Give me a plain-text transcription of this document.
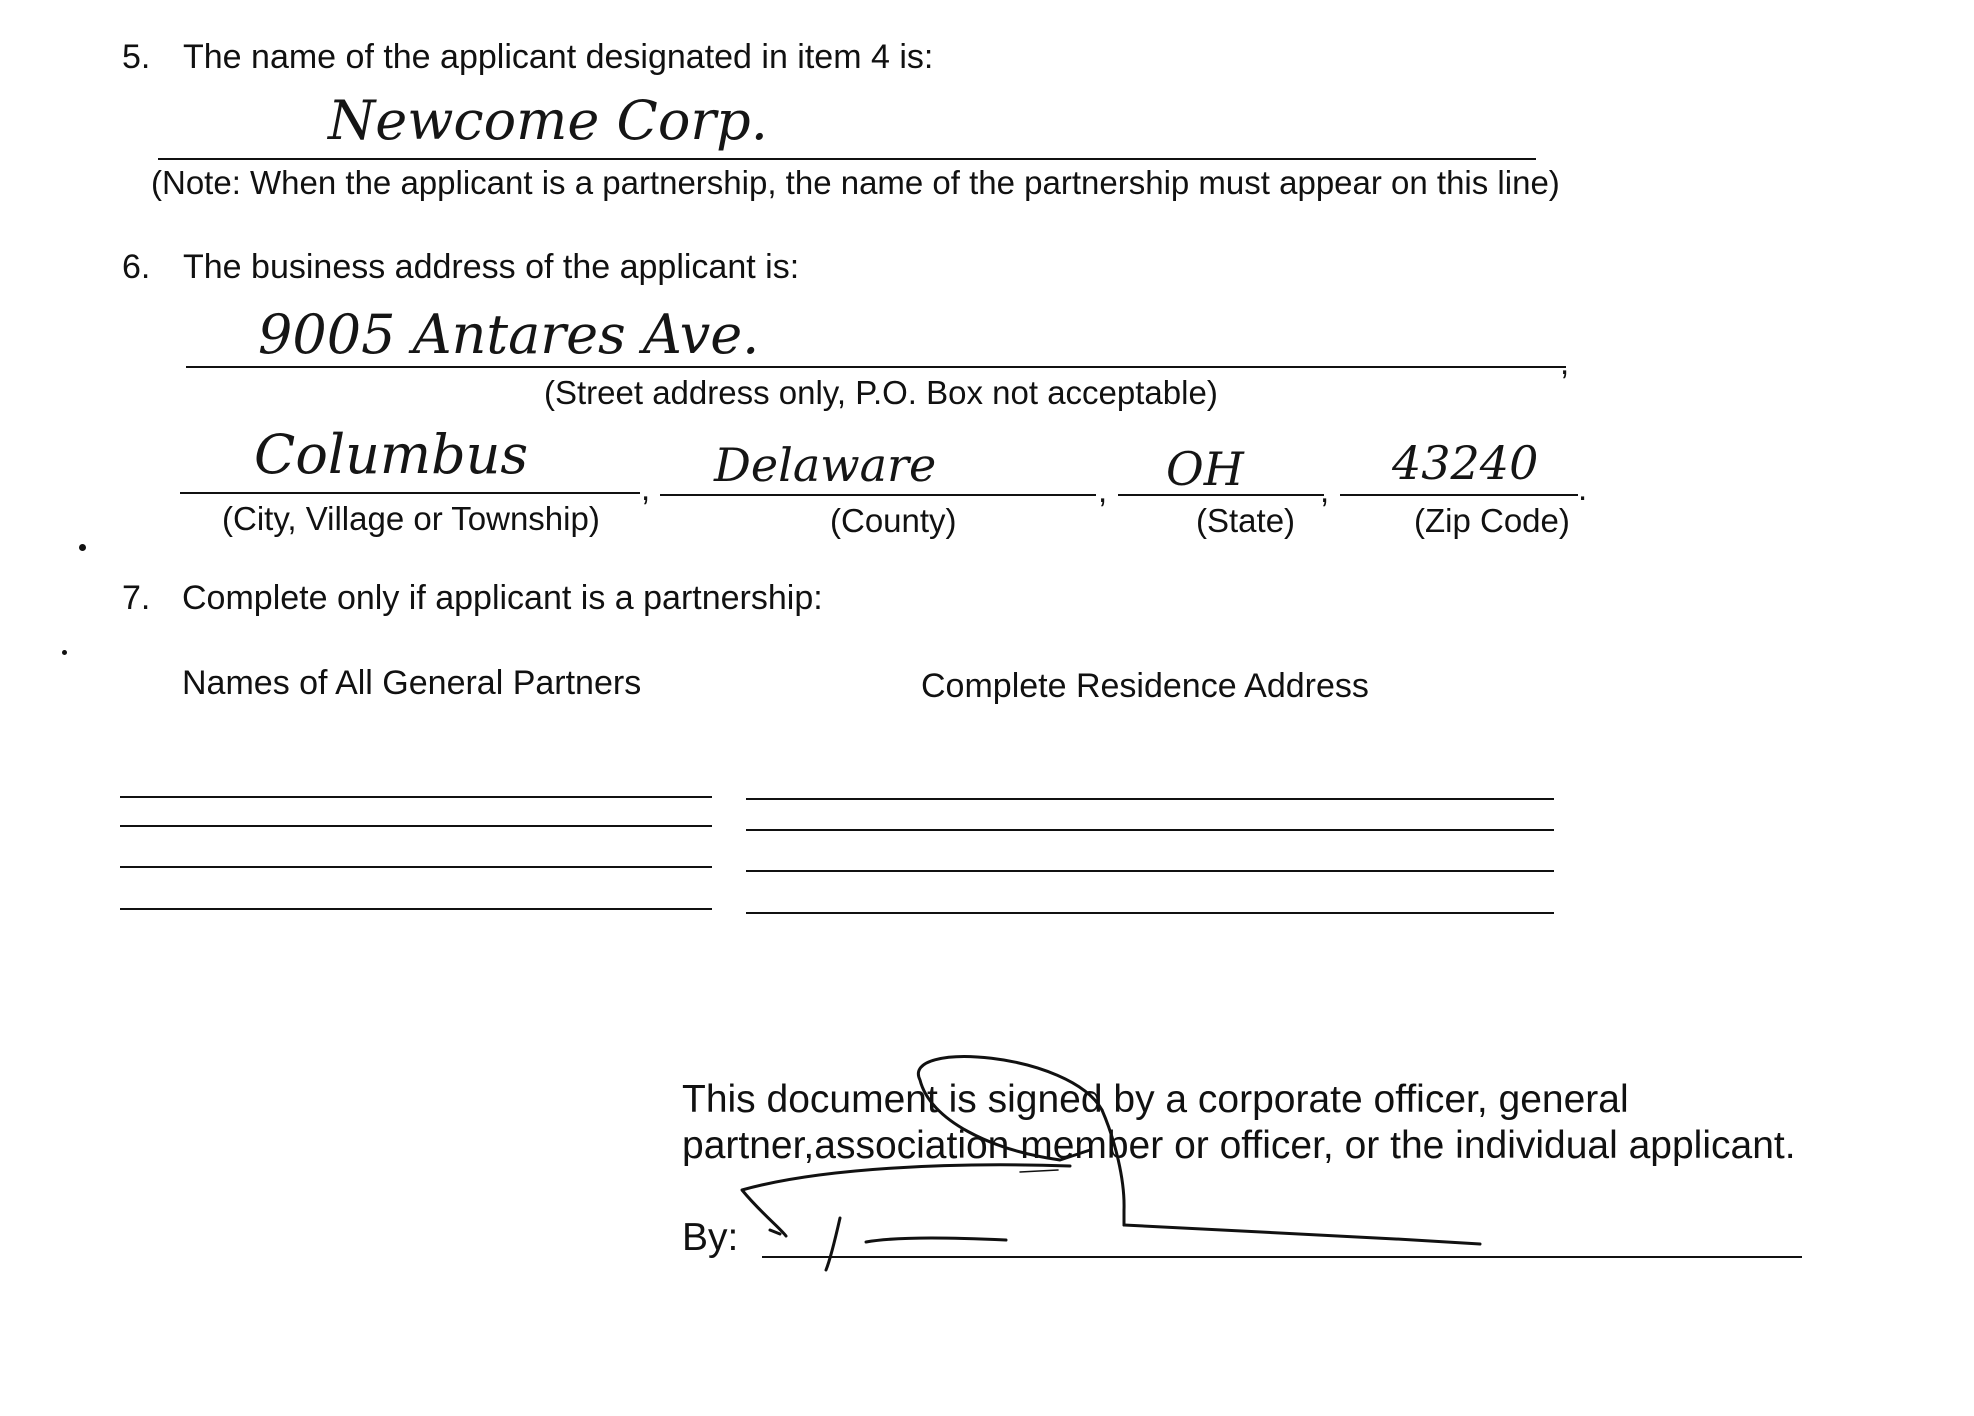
5. The name of the applicant designated in item 4 is:
Newcome Corp.
(Note: When the applicant is a partnership, the name of the partnership must appear on this line)
6. The business address of the applicant is:
9005 Antares Ave.	,
(Street address only, P.O. Box not acceptable)
Columbus	Delaware	OH	43240
,	,	,	.
(City, Village or Township)	(County)	(State)	(Zip Code)
7. Complete only if applicant is a partnership:
Names of All General Partners	Complete Residence Address
This document is signed by a corporate officer, general
partner,association member or officer, or the individual applicant.
By:
